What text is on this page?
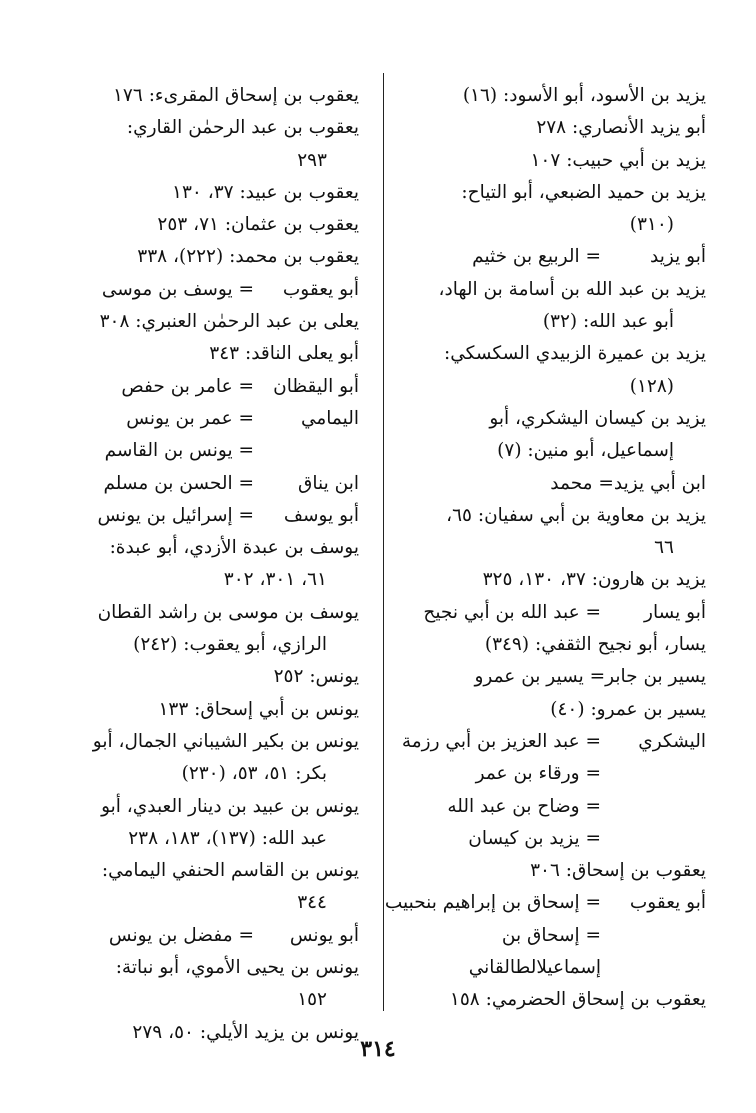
يزيد بن الأسود، أبو الأسود: (١٦)
أبو يزيد الأنصاري: ٢٧٨
يزيد بن أبي حبيب: ١٠٧
يزيد بن حميد الضبعي، أبو التياح:
(٣١٠)
أبو يزيد
= الربيع بن خثيم
يزيد بن عبد الله بن أسامة بن الهاد،
أبو عبد الله: (٣٢)
يزيد بن عميرة الزبيدي السكسكي:
(١٢٨)
يزيد بن كيسان اليشكري، أبو
إسماعيل، أبو منين: (٧)
ابن أبي يزيد= محمد
يزيد بن معاوية بن أبي سفيان: ٦٥،
٦٦
يزيد بن هارون: ٣٧، ١٣٠، ٣٢٥
أبو يسار
= عبد الله بن أبي نجيح
يسار، أبو نجيح الثقفي: (٣٤٩)
يسير بن جابر= يسير بن عمرو
يسير بن عمرو: (٤٠)
اليشكري
= عبد العزيز بن أبي رزمة
= ورقاء بن عمر
= وضاح بن عبد الله
= يزيد بن كيسان
يعقوب بن إسحاق: ٣٠٦
أبو يعقوب
= إسحاق بن إبراهيم بنحبيب
= إسحاق بن إسماعيلالطالقاني
يعقوب بن إسحاق الحضرمي: ١٥٨
يعقوب بن إسحاق المقرىء: ١٧٦
يعقوب بن عبد الرحمٰن القاري:
٢٩٣
يعقوب بن عبيد: ٣٧، ١٣٠
يعقوب بن عثمان: ٧١، ٢٥٣
يعقوب بن محمد: (٢٢٢)، ٣٣٨
أبو يعقوب
= يوسف بن موسى
يعلى بن عبد الرحمٰن العنبري: ٣٠٨
أبو يعلى الناقد: ٣٤٣
أبو اليقظان
= عامر بن حفص
اليمامي
= عمر بن يونس
= يونس بن القاسم
ابن يناق
= الحسن بن مسلم
أبو يوسف
= إسرائيل بن يونس
يوسف بن عبدة الأزدي، أبو عبدة:
٦١، ٣٠١، ٣٠٢
يوسف بن موسى بن راشد القطان
الرازي، أبو يعقوب: (٢٤٢)
يونس: ٢٥٢
يونس بن أبي إسحاق: ١٣٣
يونس بن بكير الشيباني الجمال، أبو
بكر: ٥١، ٥٣، (٢٣٠)
يونس بن عبيد بن دينار العبدي، أبو
عبد الله: (١٣٧)، ١٨٣، ٢٣٨
يونس بن القاسم الحنفي اليمامي:
٣٤٤
أبو يونس
= مفضل بن يونس
يونس بن يحيى الأموي، أبو نباتة:
١٥٢
يونس بن يزيد الأيلي: ٥٠، ٢٧٩
٣١٤
